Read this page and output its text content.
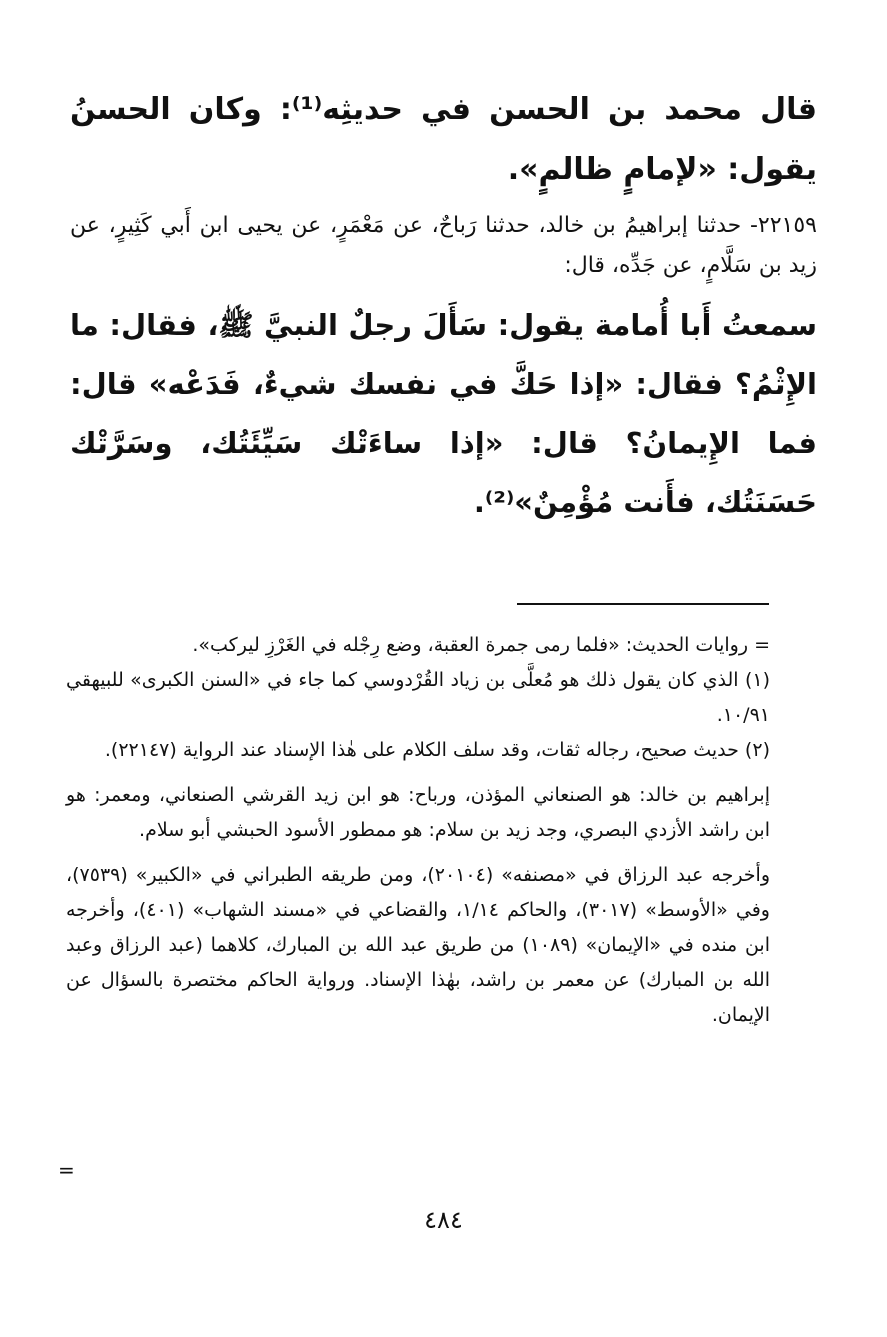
قال محمد بن الحسن في حديثِه⁽¹⁾: وكان الحسنُ يقول: «لإمامٍ ظالمٍ».

٢٢١٥٩- حدثنا إبراهيمُ بن خالد، حدثنا رَباحٌ، عن مَعْمَرٍ، عن يحيى ابن أَبي كَثِيرٍ، عن زيد بن سَلَّامٍ، عن جَدِّه، قال:

سمعتُ أَبا أُمامة يقول: سَأَلَ رجلٌ النبيَّ ﷺ، فقال: ما الإِثْمُ؟ فقال: «إذا حَكَّ في نفسك شيءٌ، فَدَعْه» قال: فما الإِيمانُ؟ قال: «إذا ساءَتْك سَيِّئَتُك، وسَرَّتْك حَسَنَتُك، فأَنت مُؤْمِنٌ»⁽²⁾.

= روايات الحديث: «فلما رمى جمرة العقبة، وضع رِجْله في الغَرْزِ ليركب».

(١) الذي كان يقول ذلك هو مُعلَّى بن زياد القُرْدوسي كما جاء في «السنن الكبرى» للبيهقي ١٠/٩١.

(٢) حديث صحيح، رجاله ثقات، وقد سلف الكلام على هٰذا الإسناد عند الرواية (٢٢١٤٧).

إبراهيم بن خالد: هو الصنعاني المؤذن، ورباح: هو ابن زيد القرشي الصنعاني، ومعمر: هو ابن راشد الأزدي البصري، وجد زيد بن سلام: هو ممطور الأسود الحبشي أبو سلام.

وأخرجه عبد الرزاق في «مصنفه» (٢٠١٠٤)، ومن طريقه الطبراني في «الكبير» (٧٥٣٩)، وفي «الأوسط» (٣٠١٧)، والحاكم ١/١٤، والقضاعي في «مسند الشهاب» (٤٠١)، وأخرجه ابن منده في «الإيمان» (١٠٨٩) من طريق عبد الله بن المبارك، كلاهما (عبد الرزاق وعبد الله بن المبارك) عن معمر بن راشد، بهٰذا الإسناد. ورواية الحاكم مختصرة بالسؤال عن الإيمان.

=
٤٨٤
